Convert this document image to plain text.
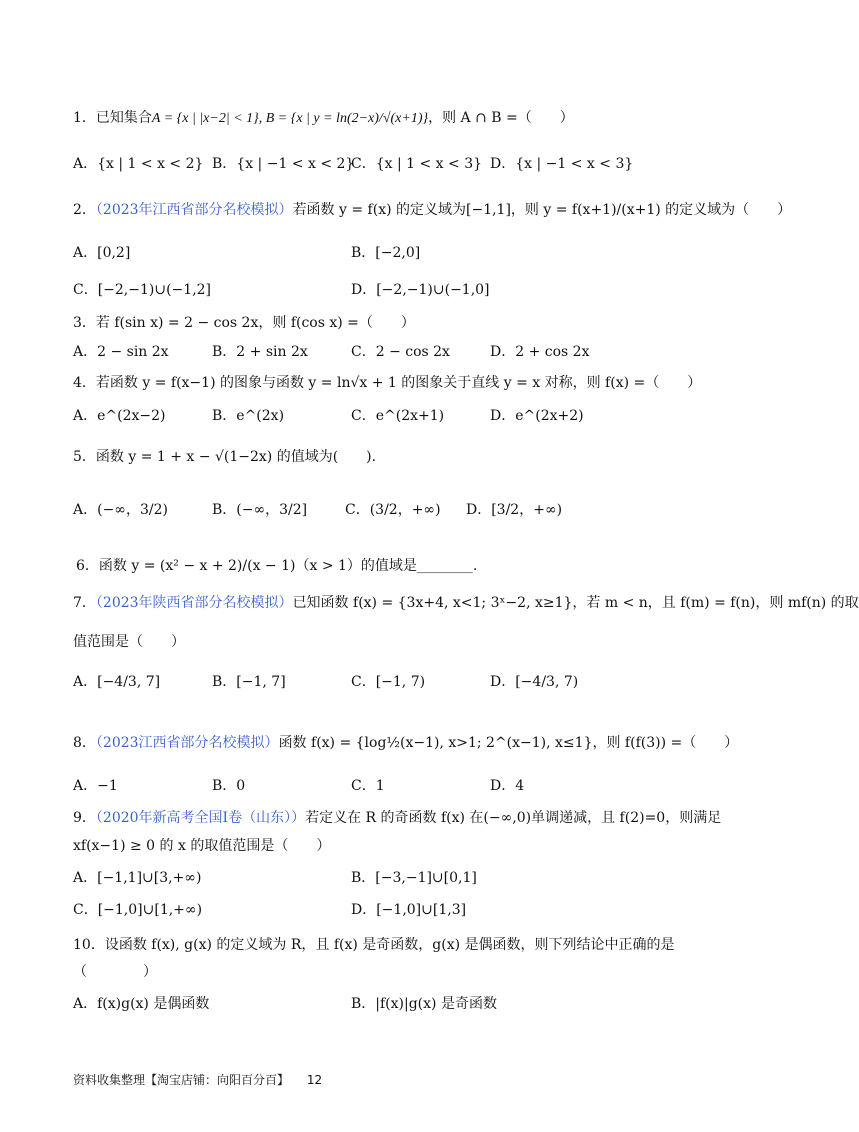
1．已知集合A = {x | |x−2| < 1}, B = {x | y = ln(2−x)/√(x+1)}，则 A ∩ B =（　　）
A．{x | 1 < x < 2} B．{x | −1 < x < 2}
C．{x | 1 < x < 3} D．{x | −1 < x < 3}
2．（2023年江西省部分名校模拟）若函数 y = f(x) 的定义域为[−1,1]，则 y = f(x+1)/(x+1) 的定义域为（　　）
A．[0,2]	B．[−2,0]
C．[−2,−1)∪(−1,2]	D．[−2,−1)∪(−1,0]
3．若 f(sin x) = 2 − cos 2x，则 f(cos x) =（　　）
A．2 − sin 2x	B．2 + sin 2x	C．2 − cos 2x	D．2 + cos 2x
4．若函数 y = f(x−1) 的图象与函数 y = ln√x + 1 的图象关于直线 y = x 对称，则 f(x) =（　　）
A．e^(2x−2)	B．e^(2x)	C．e^(2x+1)	D．e^(2x+2)
5．函数 y = 1 + x − √(1−2x) 的值域为(　　).
A．(−∞，3/2)	B．(−∞，3/2]	C．(3/2，+∞) D．[3/2，+∞)
6．函数 y = (x² − x + 2)/(x − 1)（x > 1）的值域是________.
7．（2023年陕西省部分名校模拟）已知函数 f(x) = {3x+4, x<1; 3ˣ−2, x≥1}，若 m < n，且 f(m) = f(n)，则 mf(n) 的取
值范围是（　　）
A．[−4/3, 7]	B．[−1, 7]	C．[−1, 7)	D．[−4/3, 7)
8．（2023江西省部分名校模拟）函数 f(x) = {log½(x−1), x>1; 2^(x−1), x≤1}，则 f(f(3)) =（　　）
A．−1	B．0	C．1	D．4
9．（2020年新高考全国Ⅰ卷（山东））若定义在 R 的奇函数 f(x) 在(−∞,0)单调递减，且 f(2)=0，则满足
xf(x−1) ≥ 0 的 x 的取值范围是（　　）
A．[−1,1]∪[3,+∞)	B．[−3,−1]∪[0,1]
C．[−1,0]∪[1,+∞)	D．[−1,0]∪[1,3]
10．设函数 f(x), g(x) 的定义域为 R，且 f(x) 是奇函数，g(x) 是偶函数，则下列结论中正确的是
（　　　　）
A．f(x)g(x) 是偶函数	B．|f(x)|g(x) 是奇函数
资料收集整理【淘宝店铺：向阳百分百】 12
